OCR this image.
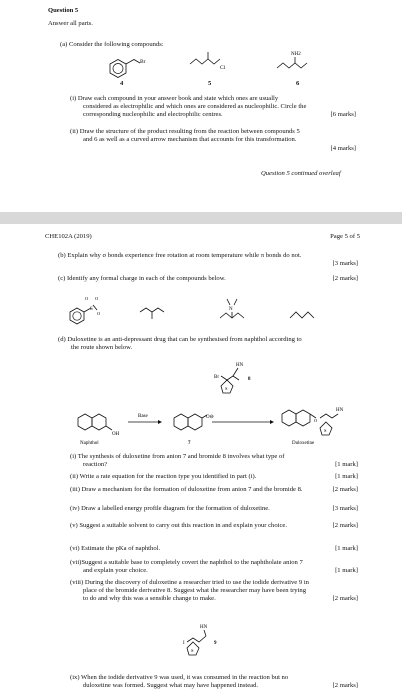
Question 5
Answer all parts.
(a) Consider the following compounds:
Br
4
Cl
5
NH2
6
(i) Draw each compound in your answer book and state which ones are usually
considered as electrophilic and which ones are considered as nucleophilic. Circle the
corresponding nucleophilic and electrophilic centres.	[6 marks]
(ii) Draw the structure of the product resulting from the reaction between compounds 5
and 6 as well as a curved arrow mechanism that accounts for this transformation.
[4 marks]
Question 5 continued overleaf
CHE102A (2019)	Page 5 of 5
(b) Explain why σ bonds experience free rotation at room temperature while π bonds do not.
[3 marks]
(c) Identify any formal charge in each of the compounds below.	[2 marks]
S
O O
O
N
(d) Duloxetine is an anti-depressant drug that can be synthesised from naphthol according to
the route shown below.
OH
Naphthol
Base	O⊖
7
Br
HN
S
8
O
HN
S
Duloxetine
HN
I
S
9
(i) The synthesis of duloxetine from anion 7 and bromide 8 involves what type of
reaction?	[1 mark]
(ii) Write a rate equation for the reaction type you identified in part (i).	[1 mark]
(iii) Draw a mechanism for the formation of duloxetine from anion 7 and the bromide 8.	[2 marks]
(iv) Draw a labelled energy profile diagram for the formation of duloxetine.	[3 marks]
(v) Suggest a suitable solvent to carry out this reaction in and explain your choice.	[2 marks]
(vi) Estimate the pKa of naphthol.	[1 mark]
(vii)Suggest a suitable base to completely covert the naphthol to the naphtholate anion 7
and explain your choice.	[1 mark]
(viii) During the discovery of duloxetine a researcher tried to use the iodide derivative 9 in
place of the bromide derivative 8. Suggest what the researcher may have been trying
to do and why this was a sensible change to make.	[2 marks]
(ix) When the iodide derivative 9 was used, it was consumed in the reaction but no
duloxetine was formed. Suggest what may have happened instead.	[2 marks]
